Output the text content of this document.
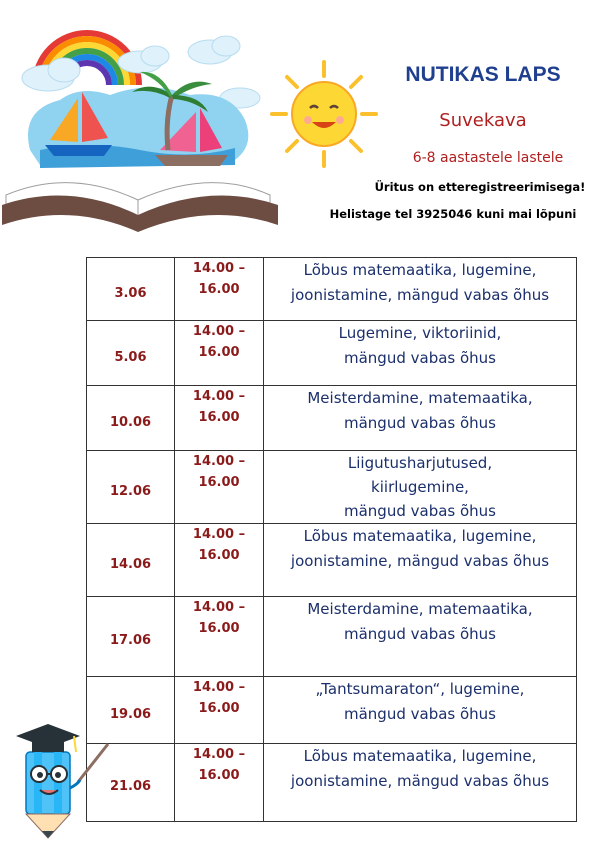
NUTIKAS LAPS
Suvekava
6-8 aastastele lastele
Üritus on etteregistreerimisega!
Helistage tel 3925046 kuni mai lõpuni
3.06	14.00 –
16.00	Lõbus matemaatika, lugemine,
joonistamine, mängud vabas õhus

5.06	14.00 –
16.00	Lugemine, viktoriinid,
mängud vabas õhus

10.06	14.00 –
16.00	Meisterdamine, matemaatika,
mängud vabas õhus

12.06	14.00 –
16.00	Liigutusharjutused,
kiirlugemine,
mängud vabas õhus

14.06	14.00 –
16.00	Lõbus matemaatika, lugemine,
joonistamine, mängud vabas õhus

17.06	14.00 –
16.00	Meisterdamine, matemaatika,
mängud vabas õhus

19.06	14.00 –
16.00	„Tantsumaraton“, lugemine,
mängud vabas õhus

21.06	14.00 –
16.00	Lõbus matemaatika, lugemine,
joonistamine, mängud vabas õhus
